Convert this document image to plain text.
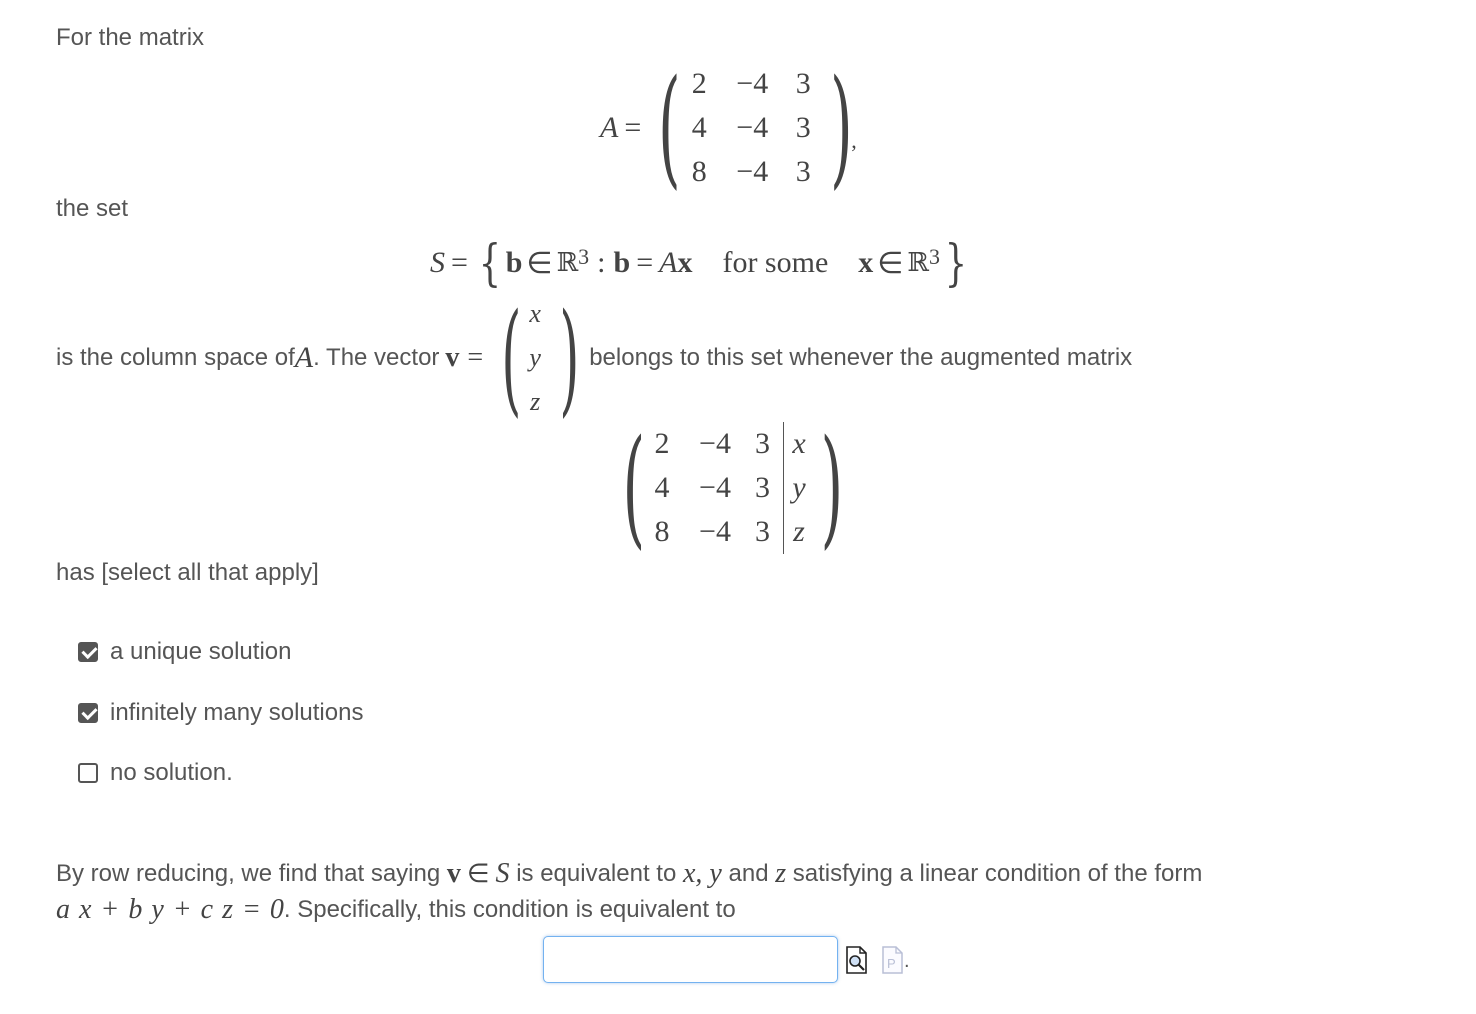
For the matrix
A = ( 2 −4 3
4 −4 3
8 −4 3 )
,
the set
S = { b ∈ ℝ$^3$ : b = A x for some x ∈ ℝ$^3$ }
is the column space of A . The vector v = ( x
y
z ) belongs to this set whenever the augmented matrix
( 2 −4 3 x
4 −4 3 y
8 −4 3 z )
has [select all that apply]
a unique solution
infinitely many solutions
no solution.
By row reducing, we find that saying v ∈ S is equivalent to x, y and z satisfying a linear condition of the form
a x + b y + c z = 0 . Specifically, this condition is equivalent to
P .
